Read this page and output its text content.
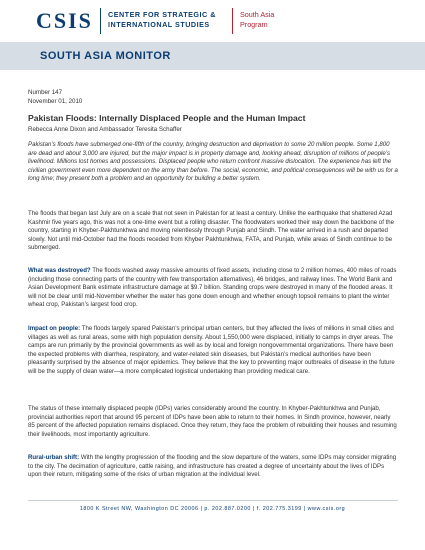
CSIS CENTER FOR STRATEGIC &
INTERNATIONAL STUDIES
South Asia
Program
SOUTH ASIA MONITOR
Number 147
November 01, 2010
Pakistan Floods: Internally Displaced People and the Human Impact
Rebecca Anne Dixon and Ambassador Teresita Schaffer
Pakistan’s floods have submerged one-fifth of the country, bringing destruction and deprivation to some 20 million people. Some 1,800 are dead and about 3,000 are injured, but the major impact is in property damage and, looking ahead, disruption of millions of people’s livelihood. Millions lost homes and possessions. Displaced people who return confront massive dislocation. The experience has left the civilian government even more dependent on the army than before. The social, economic, and political consequences will be with us for a long time; they present both a problem and an opportunity for building a better system.
The floods that began last July are on a scale that not seen in Pakistan for at least a century. Unlike the earthquake that shattered Azad Kashmir five years ago, this was not a one-time event but a rolling disaster. The floodwaters worked their way down the backbone of the country, starting in Khyber-Pakhtunkhwa and moving relentlessly through Punjab and Sindh. The water arrived in a rush and departed slowly. Not until mid-October had the floods receded from Khyber Pakhtunkhwa, FATA, and Punjab, while areas of Sindh continue to be submerged.
What was destroyed? The floods washed away massive amounts of fixed assets, including close to 2 million homes, 400 miles of roads (including those connecting parts of the country with few transportation alternatives), 46 bridges, and railway lines. The World Bank and Asian Development Bank estimate infrastructure damage at $9.7 billion. Standing crops were destroyed in many of the flooded areas. It will not be clear until mid-November whether the water has gone down enough and whether enough topsoil remains to plant the winter wheat crop, Pakistan’s largest food crop.
Impact on people: The floods largely spared Pakistan’s principal urban centers, but they affected the lives of millions in small cities and villages as well as rural areas, some with high population density. About 1,550,000 were displaced, initially to camps in dryer areas. The camps are run primarily by the provincial governments as well as by local and foreign nongovernmental organizations. There have been the expected problems with diarrhea, respiratory, and water-related skin diseases, but Pakistan’s medical authorities have been pleasantly surprised by the absence of major epidemics. They believe that the key to preventing major outbreaks of disease in the future will be the supply of clean water—a more complicated logistical undertaking than providing medical care.
The status of these internally displaced people (IDPs) varies considerably around the country. In Khyber-Pakhtunkhwa and Punjab, provincial authorities report that around 95 percent of IDPs have been able to return to their homes. In Sindh province, however, nearly 85 percent of the affected population remains displaced. Once they return, they face the problem of rebuilding their houses and resuming their livelihoods, most importantly agriculture.
Rural-urban shift: With the lengthy progression of the flooding and the slow departure of the waters, some IDPs may consider migrating to the city. The decimation of agriculture, cattle raising, and infrastructure has created a degree of uncertainty about the lives of IDPs upon their return, mitigating some of the risks of urban migration at the individual level.
1800 K Street NW, Washington DC 20006 | p. 202.887.0200 | f. 202.775.3199 | www.csis.org
